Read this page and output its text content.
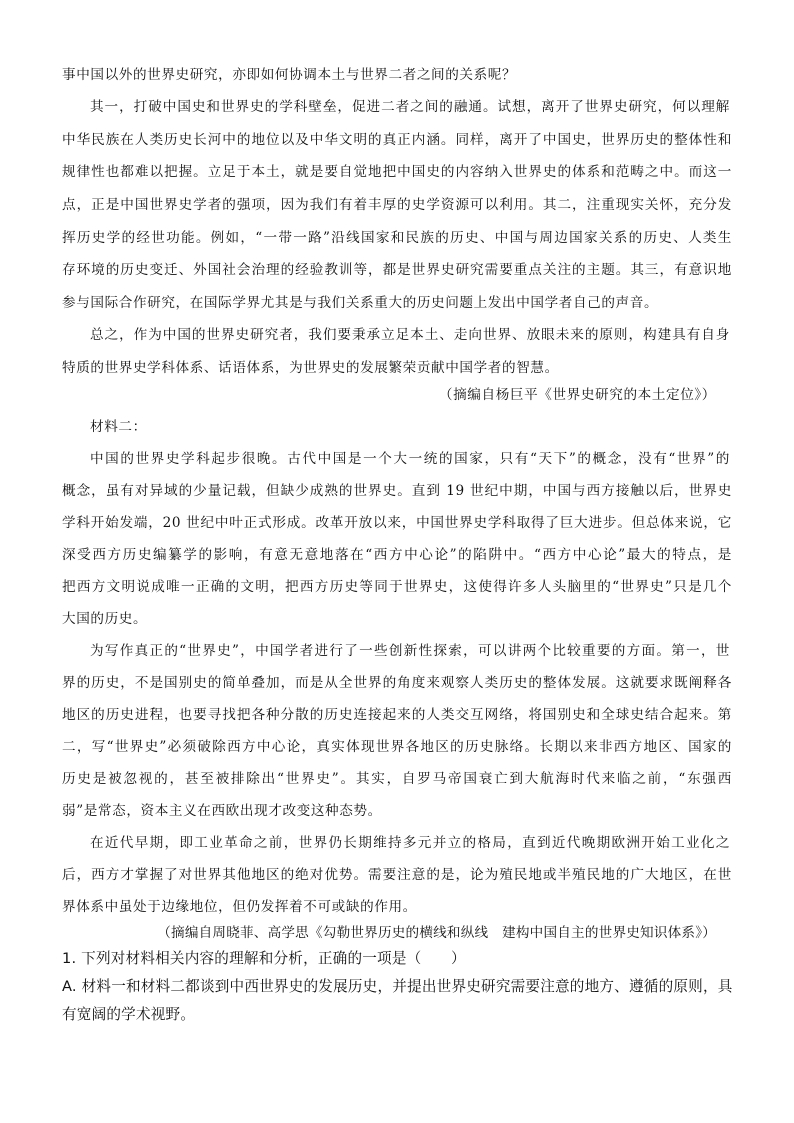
事中国以外的世界史研究，亦即如何协调本土与世界二者之间的关系呢？
其一，打破中国史和世界史的学科壁垒，促进二者之间的融通。试想，离开了世界史研究，何以理解
中华民族在人类历史长河中的地位以及中华文明的真正内涵。同样，离开了中国史，世界历史的整体性和
规律性也都难以把握。立足于本土，就是要自觉地把中国史的内容纳入世界史的体系和范畴之中。而这一
点，正是中国世界史学者的强项，因为我们有着丰厚的史学资源可以利用。其二，注重现实关怀，充分发
挥历史学的经世功能。例如，“一带一路”沿线国家和民族的历史、中国与周边国家关系的历史、人类生
存环境的历史变迁、外国社会治理的经验教训等，都是世界史研究需要重点关注的主题。其三，有意识地
参与国际合作研究，在国际学界尤其是与我们关系重大的历史问题上发出中国学者自己的声音。
总之，作为中国的世界史研究者，我们要秉承立足本土、走向世界、放眼未来的原则，构建具有自身
特质的世界史学科体系、话语体系，为世界史的发展繁荣贡献中国学者的智慧。
（摘编自杨巨平《世界史研究的本土定位》）
材料二：
中国的世界史学科起步很晚。古代中国是一个大一统的国家，只有“天下”的概念，没有“世界”的
概念，虽有对异域的少量记载，但缺少成熟的世界史。直到 19 世纪中期，中国与西方接触以后，世界史
学科开始发端，20 世纪中叶正式形成。改革开放以来，中国世界史学科取得了巨大进步。但总体来说，它
深受西方历史编纂学的影响，有意无意地落在“西方中心论”的陷阱中。“西方中心论”最大的特点，是
把西方文明说成唯一正确的文明，把西方历史等同于世界史，这使得许多人头脑里的“世界史”只是几个
大国的历史。
为写作真正的“世界史”，中国学者进行了一些创新性探索，可以讲两个比较重要的方面。第一，世
界的历史，不是国别史的简单叠加，而是从全世界的角度来观察人类历史的整体发展。这就要求既阐释各
地区的历史进程，也要寻找把各种分散的历史连接起来的人类交互网络，将国别史和全球史结合起来。第
二，写“世界史”必须破除西方中心论，真实体现世界各地区的历史脉络。长期以来非西方地区、国家的
历史是被忽视的，甚至被排除出“世界史”。其实，自罗马帝国衰亡到大航海时代来临之前，“东强西
弱”是常态，资本主义在西欧出现才改变这种态势。
在近代早期，即工业革命之前，世界仍长期维持多元并立的格局，直到近代晚期欧洲开始工业化之
后，西方才掌握了对世界其他地区的绝对优势。需要注意的是，论为殖民地或半殖民地的广大地区，在世
界体系中虽处于边缘地位，但仍发挥着不可或缺的作用。
（摘编自周晓菲、高学思《勾勒世界历史的横线和纵线　建构中国自主的世界史知识体系》）
1. 下列对材料相关内容的理解和分析，正确的一项是（　　）
A. 材料一和材料二都谈到中西世界史的发展历史，并提出世界史研究需要注意的地方、遵循的原则，具
有宽阔的学术视野。
